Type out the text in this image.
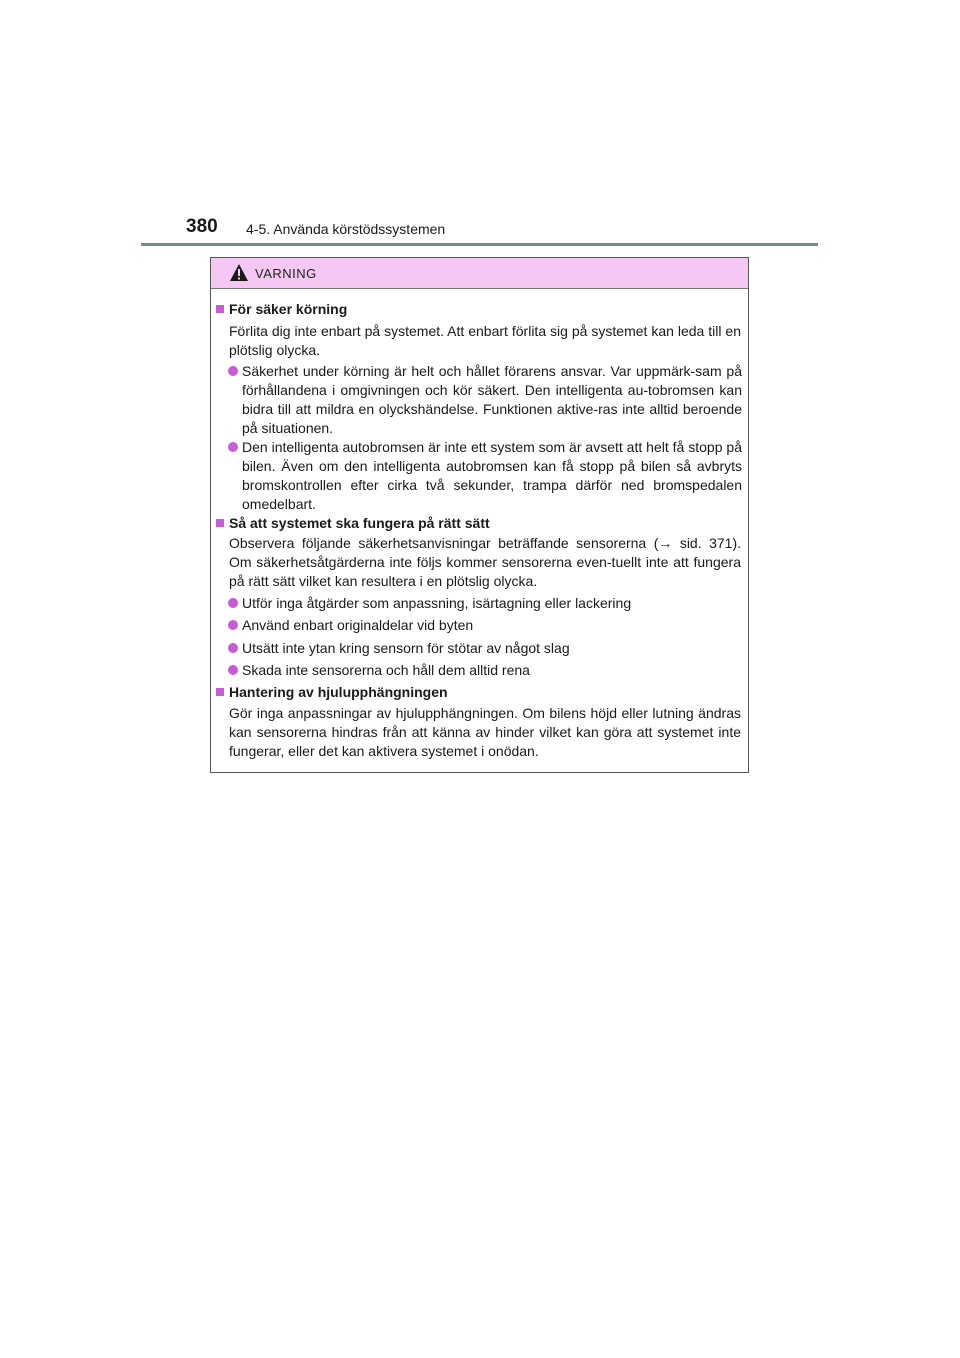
380 4-5. Använda körstödssystemen
VARNING
För säker körning
Förlita dig inte enbart på systemet. Att enbart förlita sig på systemet kan leda till en plötslig olycka.
Säkerhet under körning är helt och hållet förarens ansvar. Var uppmärk-sam på förhållandena i omgivningen och kör säkert. Den intelligenta au-tobromsen kan bidra till att mildra en olyckshändelse. Funktionen aktive-ras inte alltid beroende på situationen.
Den intelligenta autobromsen är inte ett system som är avsett att helt få stopp på bilen. Även om den intelligenta autobromsen kan få stopp på bilen så avbryts bromskontrollen efter cirka två sekunder, trampa därför ned bromspedalen omedelbart.
Så att systemet ska fungera på rätt sätt
Observera följande säkerhetsanvisningar beträffande sensorerna (→ sid. 371). Om säkerhetsåtgärderna inte följs kommer sensorerna even-tuellt inte att fungera på rätt sätt vilket kan resultera i en plötslig olycka.
Utför inga åtgärder som anpassning, isärtagning eller lackering
Använd enbart originaldelar vid byten
Utsätt inte ytan kring sensorn för stötar av något slag
Skada inte sensorerna och håll dem alltid rena
Hantering av hjulupphängningen
Gör inga anpassningar av hjulupphängningen. Om bilens höjd eller lutning ändras kan sensorerna hindras från att känna av hinder vilket kan göra att systemet inte fungerar, eller det kan aktivera systemet i onödan.
